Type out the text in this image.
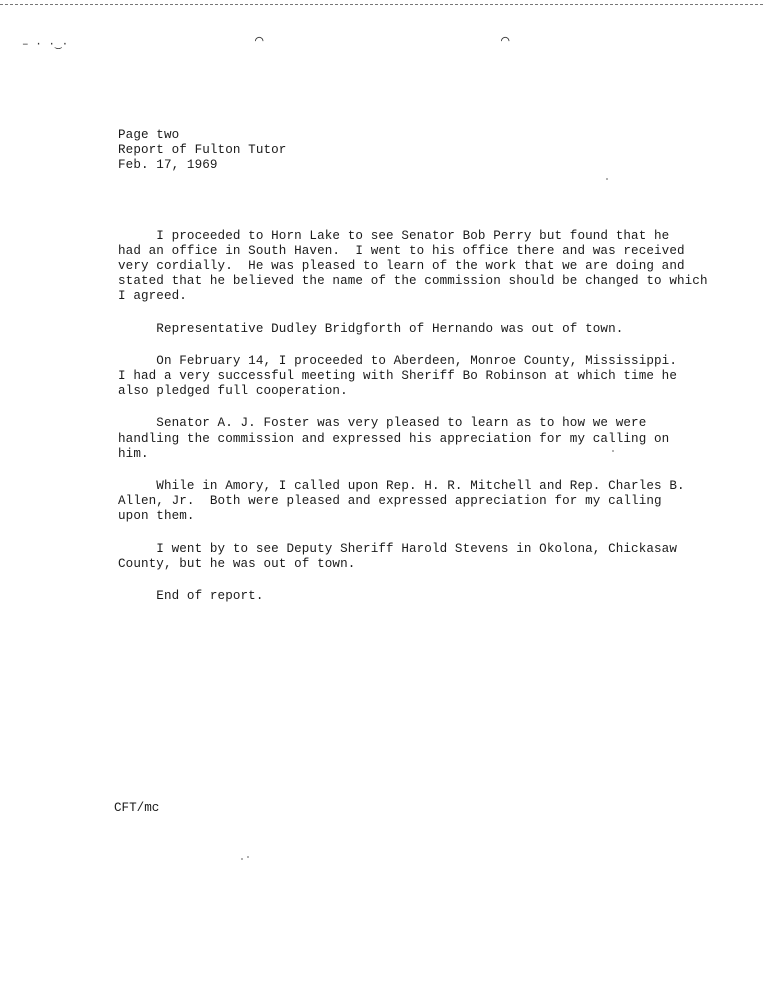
– · ·‿·	⌒	⌒
Page two
Report of Fulton Tutor
Feb. 17, 1969

I proceeded to Horn Lake to see Senator Bob Perry but found that he
had an office in South Haven.  I went to his office there and was received
very cordially.  He was pleased to learn of the work that we are doing and
stated that he believed the name of the commission should be changed to which
I agreed.

Representative Dudley Bridgforth of Hernando was out of town.

On February 14, I proceeded to Aberdeen, Monroe County, Mississippi.
I had a very successful meeting with Sheriff Bo Robinson at which time he
also pledged full cooperation.

Senator A. J. Foster was very pleased to learn as to how we were
handling the commission and expressed his appreciation for my calling on
him.

While in Amory, I called upon Rep. H. R. Mitchell and Rep. Charles B.
Allen, Jr.  Both were pleased and expressed appreciation for my calling
upon them.

I went by to see Deputy Sheriff Harold Stevens in Okolona, Chickasaw
County, but he was out of town.

End of report.

CFT/mc
